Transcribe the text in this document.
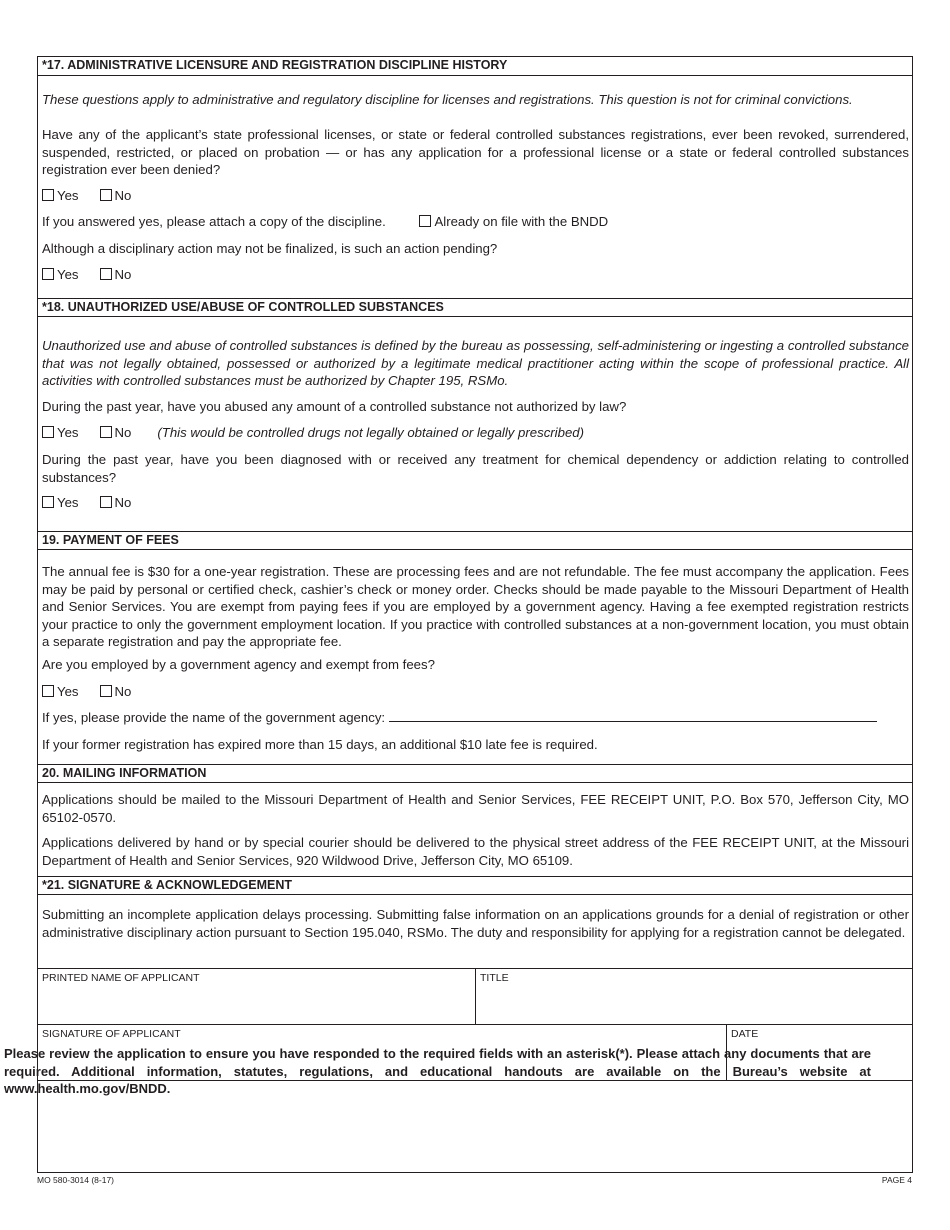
*17. ADMINISTRATIVE LICENSURE AND REGISTRATION DISCIPLINE HISTORY

These questions apply to administrative and regulatory discipline for licenses and registrations. This question is not for criminal convictions.

Have any of the applicant’s state professional licenses, or state or federal controlled substances registrations, ever been revoked, surrendered, suspended, restricted, or placed on probation — or has any application for a professional license or a state or federal controlled substances registration ever been denied?

Yes	No
If you answered yes, please attach a copy of the discipline.	Already on file with the BNDD
Although a disciplinary action may not be finalized, is such an action pending?
Yes	No
*18. UNAUTHORIZED USE/ABUSE OF CONTROLLED SUBSTANCES

Unauthorized use and abuse of controlled substances is defined by the bureau as possessing, self-administering or ingesting a controlled substance that was not legally obtained, possessed or authorized by a legitimate medical practitioner acting within the scope of professional practice. All activities with controlled substances must be authorized by Chapter 195, RSMo.

During the past year, have you abused any amount of a controlled substance not authorized by law?
Yes	No (This would be controlled drugs not legally obtained or legally prescribed)

During the past year, have you been diagnosed with or received any treatment for chemical dependency or addiction relating to controlled substances?

Yes	No
19. PAYMENT OF FEES

The annual fee is $30 for a one-year registration. These are processing fees and are not refundable. The fee must accompany the application. Fees may be paid by personal or certified check, cashier’s check or money order. Checks should be made payable to the Missouri Department of Health and Senior Services. You are exempt from paying fees if you are employed by a government agency. Having a fee exempted registration restricts your practice to only the government employment location. If you practice with controlled substances at a non-government location, you must obtain a separate registration and pay the appropriate fee.

Are you employed by a government agency and exempt from fees?
Yes	No
If yes, please provide the name of the government agency:
If your former registration has expired more than 15 days, an additional $10 late fee is required.
20. MAILING INFORMATION

Applications should be mailed to the Missouri Department of Health and Senior Services, FEE RECEIPT UNIT, P.O. Box 570, Jefferson City, MO 65102-0570.

Applications delivered by hand or by special courier should be delivered to the physical street address of the FEE RECEIPT UNIT, at the Missouri Department of Health and Senior Services, 920 Wildwood Drive, Jefferson City, MO 65109.

*21. SIGNATURE & ACKNOWLEDGEMENT

Submitting an incomplete application delays processing. Submitting false information on an applications grounds for a denial of registration or other administrative disciplinary action pursuant to Section 195.040, RSMo. The duty and responsibility for applying for a registration cannot be delegated.

PRINTED NAME OF APPLICANT	TITLE
SIGNATURE OF APPLICANT	DATE

Please review the application to ensure you have responded to the required fields with an asterisk(*). Please attach any documents that are required. Additional information, statutes, regulations, and educational handouts are available on the Bureau’s website at www.health.mo.gov/BNDD.

MO 580-3014 (8-17)	PAGE 4
